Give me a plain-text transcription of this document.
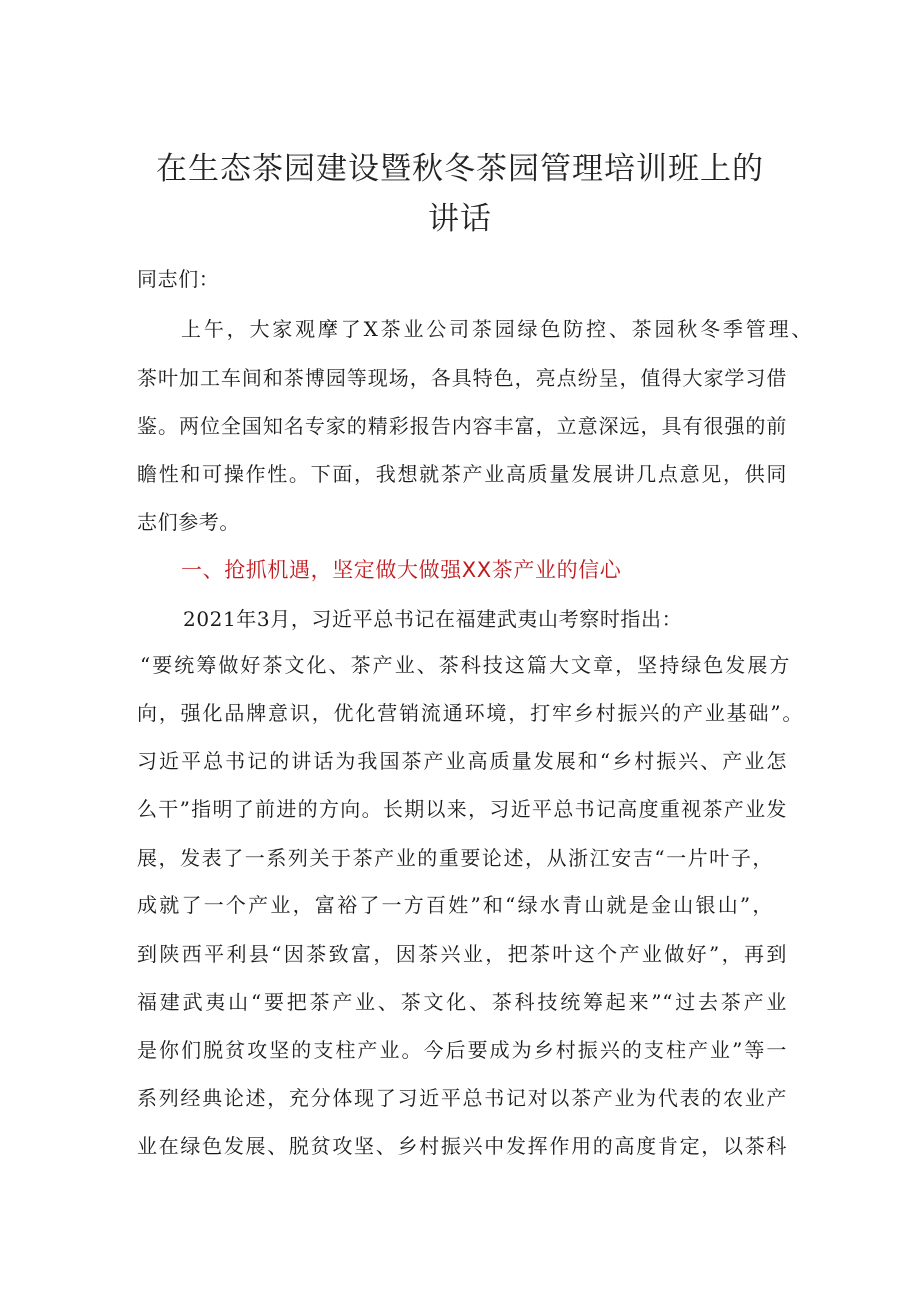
在生态茶园建设暨秋冬茶园管理培训班上的
讲话
同志们：
上午，大家观摩了X茶业公司茶园绿色防控、茶园秋冬季管理、
茶叶加工车间和茶博园等现场，各具特色，亮点纷呈，值得大家学习借
鉴。两位全国知名专家的精彩报告内容丰富，立意深远，具有很强的前
瞻性和可操作性。下面，我想就茶产业高质量发展讲几点意见，供同
志们参考。
一、抢抓机遇，坚定做大做强XX茶产业的信心
2021年3月，习近平总书记在福建武夷山考察时指出：
“要统筹做好茶文化、茶产业、茶科技这篇大文章，坚持绿色发展方
向，强化品牌意识，优化营销流通环境，打牢乡村振兴的产业基础”。
习近平总书记的讲话为我国茶产业高质量发展和“乡村振兴、产业怎
么干”指明了前进的方向。长期以来，习近平总书记高度重视茶产业发
展，发表了一系列关于茶产业的重要论述，从浙江安吉“一片叶子，
成就了一个产业，富裕了一方百姓”和“绿水青山就是金山银山”，
到陕西平利县“因茶致富，因茶兴业，把茶叶这个产业做好”，再到
福建武夷山“要把茶产业、茶文化、茶科技统筹起来”“过去茶产业
是你们脱贫攻坚的支柱产业。今后要成为乡村振兴的支柱产业”等一
系列经典论述，充分体现了习近平总书记对以茶产业为代表的农业产
业在绿色发展、脱贫攻坚、乡村振兴中发挥作用的高度肯定，以茶科
